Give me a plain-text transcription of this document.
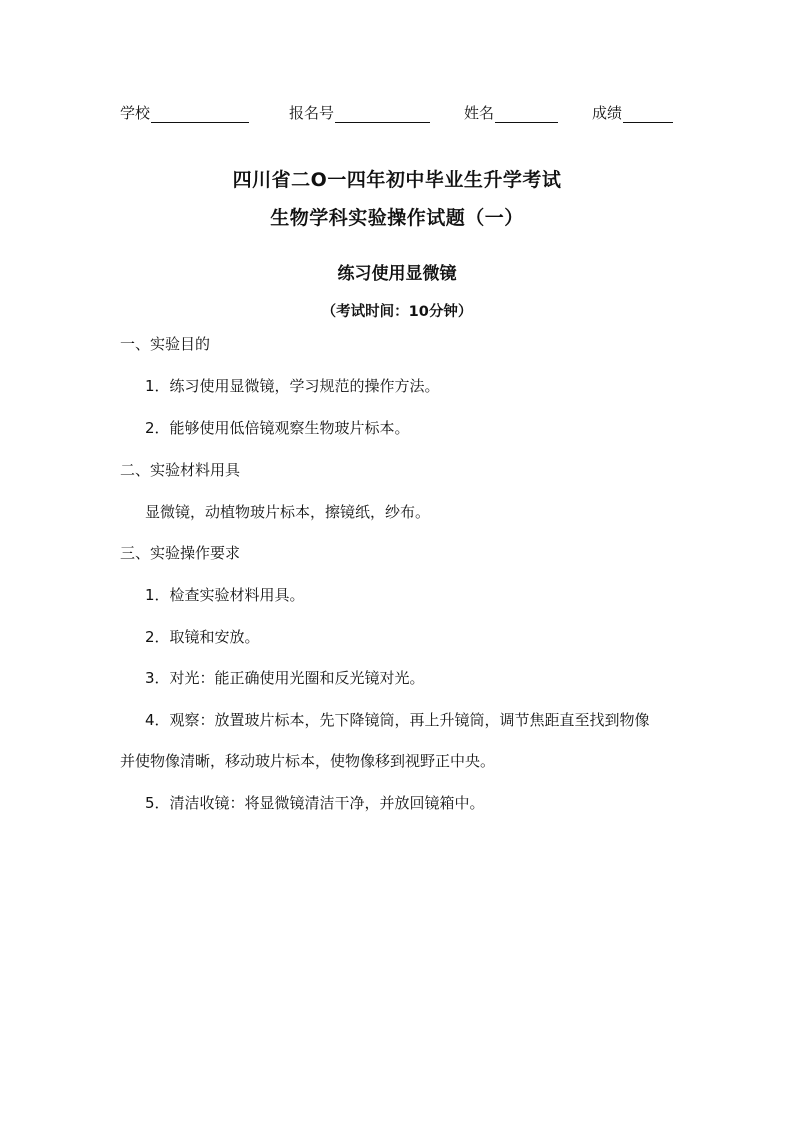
学校	报名号	姓名	成绩
四川省二O一四年初中毕业生升学考试
生物学科实验操作试题（一）
练习使用显微镜
（考试时间：10分钟）
一、实验目的
1．练习使用显微镜，学习规范的操作方法。
2．能够使用低倍镜观察生物玻片标本。
二、实验材料用具
显微镜，动植物玻片标本，擦镜纸，纱布。
三、实验操作要求
1．检查实验材料用具。
2．取镜和安放。
3．对光：能正确使用光圈和反光镜对光。
4．观察：放置玻片标本，先下降镜筒，再上升镜筒，调节焦距直至找到物像
并使物像清晰，移动玻片标本，使物像移到视野正中央。
5．清洁收镜：将显微镜清洁干净，并放回镜箱中。
